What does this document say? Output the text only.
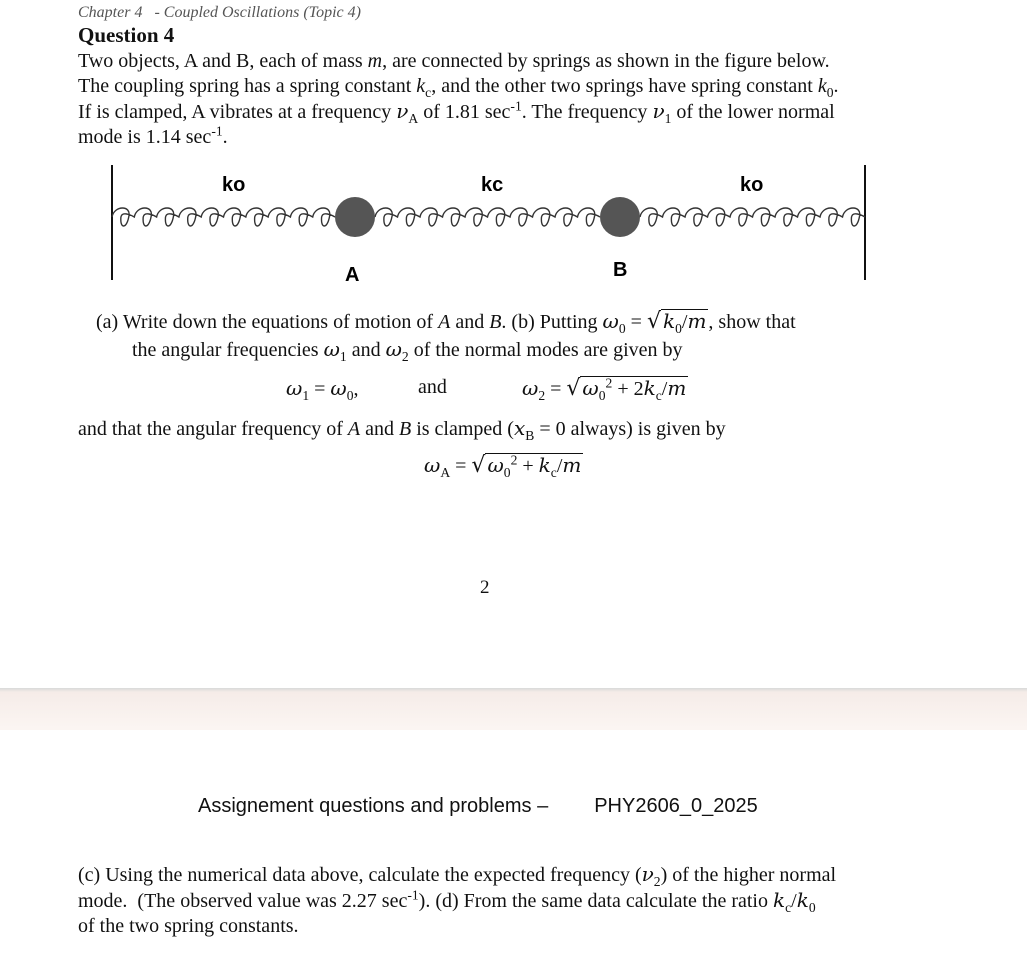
Chapter 4 - Coupled Oscillations (Topic 4)
Question 4

Two objects, A and B, each of mass m, are connected by springs as shown in the figure below.

The coupling spring has a spring constant $k_c$, and the other two springs have spring constant $k_0$.

If is clamped, A vibrates at a frequency $\nu_A$ of 1.81 $\sec^{-1}$. The frequency $\nu_1$ of the lower normal

mode is 1.14 $\sec^{-1}$.

ko	kc	ko
A	B
(a) Write down the equations of motion of A and B. (b) Putting $\omega_0$ = √ $k_0/m$ , show that
the angular frequencies $\omega_1$ and $\omega_2$ of the normal modes are given by
$\omega_1 = \omega_0$,	and	$\omega_2$ = √ $\omega_0^2 + 2k_c/m$
and that the angular frequency of A and B is clamped ($x_B = 0$ always) is given by
$\omega_A$ = √ $\omega_0^2 + k_c/m$
2
Assignement questions and problems – PHY2606_0_2025

(c) Using the numerical data above, calculate the expected frequency $(\nu_2)$ of the higher normal

mode.  (The observed value was 2.27 $\sec^{-1}$). (d) From the same data calculate the ratio $k_c/k_0$

of the two spring constants.
